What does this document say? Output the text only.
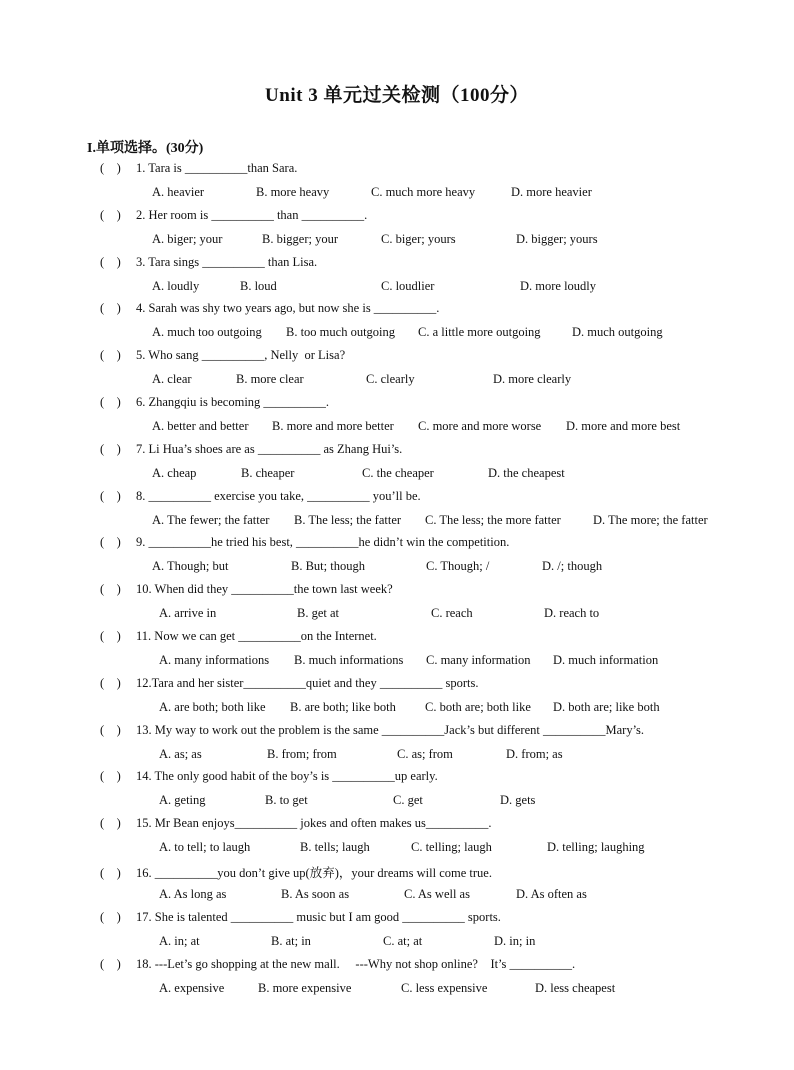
Unit 3 单元过关检测（100分）
I.单项选择。(30分)
(    ) 1. Tara is __________than Sara.
A. heavier	B. more heavy	C. much more heavy	D. more heavier
(    ) 2. Her room is __________ than __________.
A. biger; your	B. bigger; your	C. biger; yours	D. bigger; yours
(    ) 3. Tara sings __________ than Lisa.
A. loudly	B. loud	C. loudlier	D. more loudly
(    ) 4. Sarah was shy two years ago, but now she is __________.
A. much too outgoing B. too much outgoing C. a little more outgoing	D. much outgoing
(    ) 5. Who sang __________, Nelly  or Lisa?
A. clear	B. more clear	C. clearly	D. more clearly
(    ) 6. Zhangqiu is becoming __________.
A. better and better B. more and more better C. more and more worse D. more and more best
(    ) 7. Li Hua’s shoes are as __________ as Zhang Hui’s.
A. cheap	B. cheaper	C. the cheaper	D. the cheapest
(    ) 8. __________ exercise you take, __________ you’ll be.
A. The fewer; the fatter B. The less; the fatter C. The less; the more fatter	D. The more; the fatter
(    ) 9. __________he tried his best, __________he didn’t win the competition.
A. Though; but	B. But; though	C. Though; /	D. /; though
(    ) 10. When did they __________the town last week?
A. arrive in	B. get at	C. reach	D. reach to
(    ) 11. Now we can get __________on the Internet.
A. many informations B. much informations C. many information D. much information
(    ) 12.Tara and her sister__________quiet and they __________ sports.
A. are both; both like B. are both; like both C. both are; both like D. both are; like both
(    ) 13. My way to work out the problem is the same __________Jack’s but different __________Mary’s.
A. as; as	B. from; from	C. as; from	D. from; as
(    ) 14. The only good habit of the boy’s is __________up early.
A. geting	B. to get	C. get	D. gets
(    ) 15. Mr Bean enjoys__________ jokes and often makes us__________.
A. to tell; to laugh	B. tells; laugh	C. telling; laugh	D. telling; laughing
(    ) 16. __________you don’t give up(放弃)，your dreams will come true.
A. As long as	B. As soon as	C. As well as	D. As often as
(    ) 17. She is talented __________ music but I am good __________ sports.
A. in; at	B. at; in	C. at; at	D. in; in
(    ) 18. ---Let’s go shopping at the new mall.     ---Why not shop online?    It’s __________.
A. expensive	B. more expensive	C. less expensive	D. less cheapest
